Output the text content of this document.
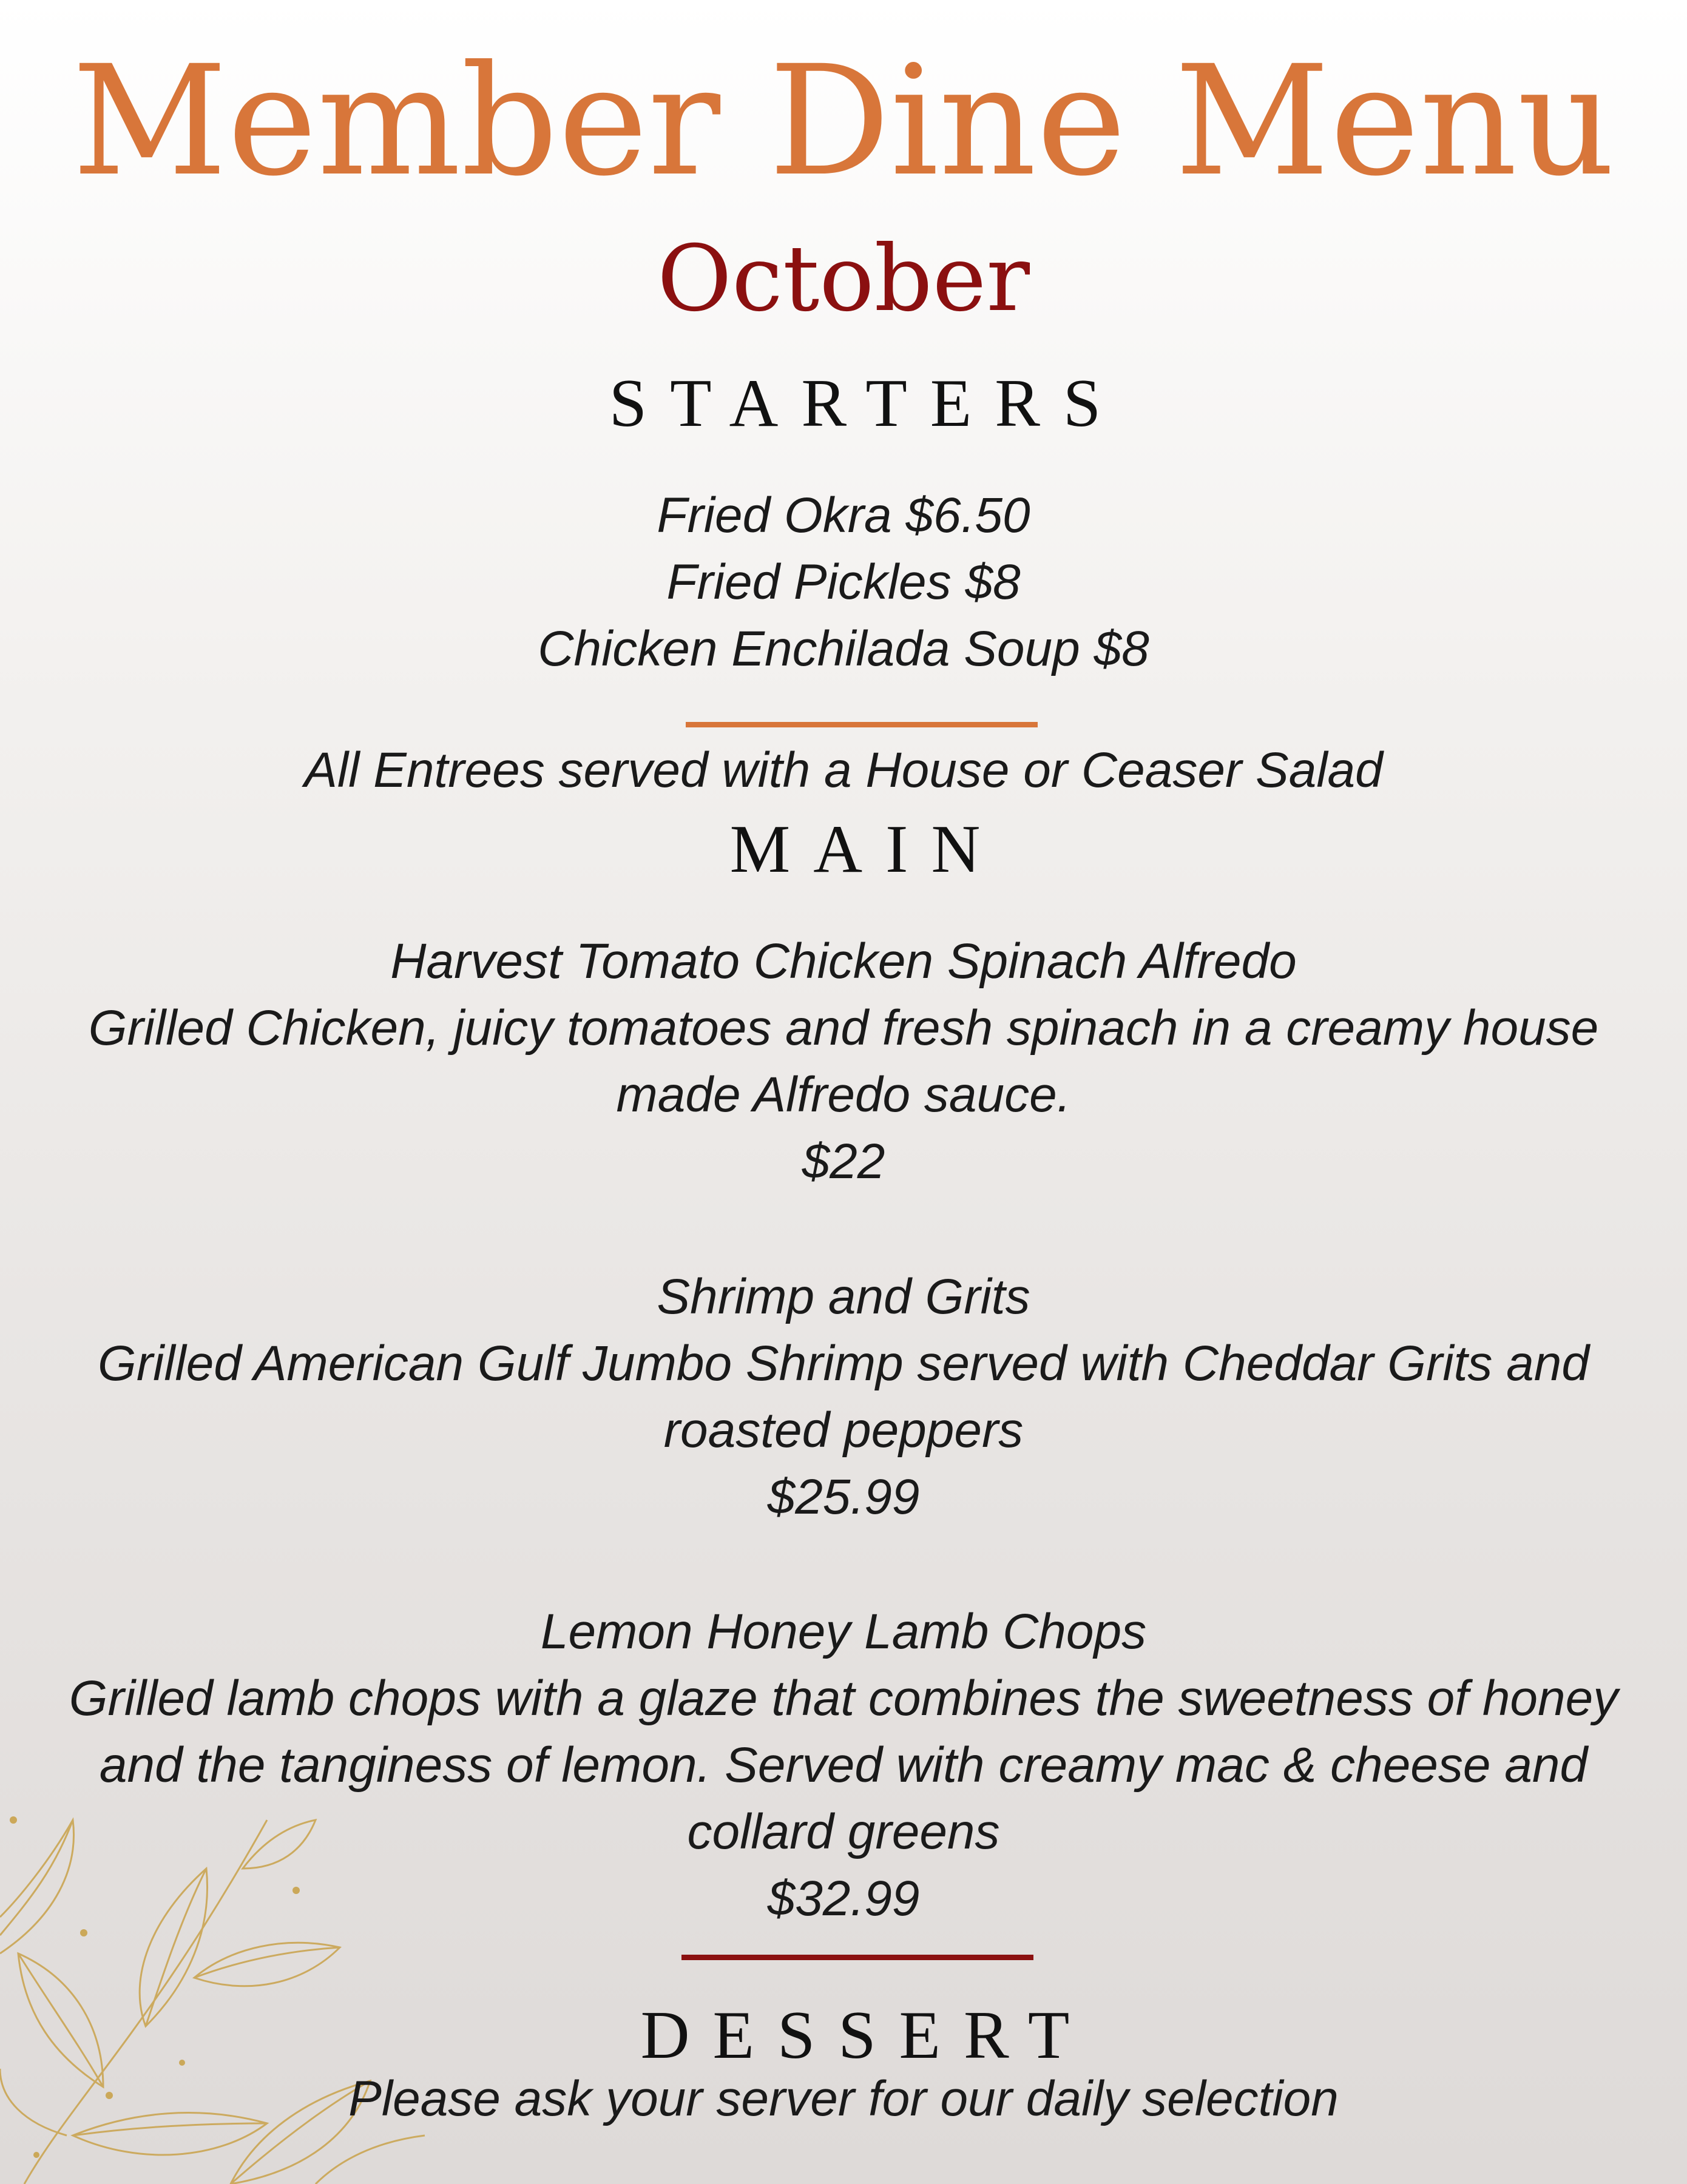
Member Dine Menu
October
STARTERS
Fried Okra $6.50
Fried Pickles $8
Chicken Enchilada Soup $8
All Entrees served with a House or Ceaser Salad
MAIN
Harvest Tomato Chicken Spinach Alfredo
Grilled Chicken, juicy tomatoes and fresh spinach in a creamy house
made Alfredo sauce.
$22
Shrimp and Grits
Grilled American Gulf Jumbo Shrimp served with Cheddar Grits and
roasted peppers
$25.99
Lemon Honey Lamb Chops
Grilled lamb chops with a glaze that combines the sweetness of honey
and the tanginess of lemon. Served with creamy mac & cheese and
collard greens
$32.99
DESSERT
Please ask your server for our daily selection
